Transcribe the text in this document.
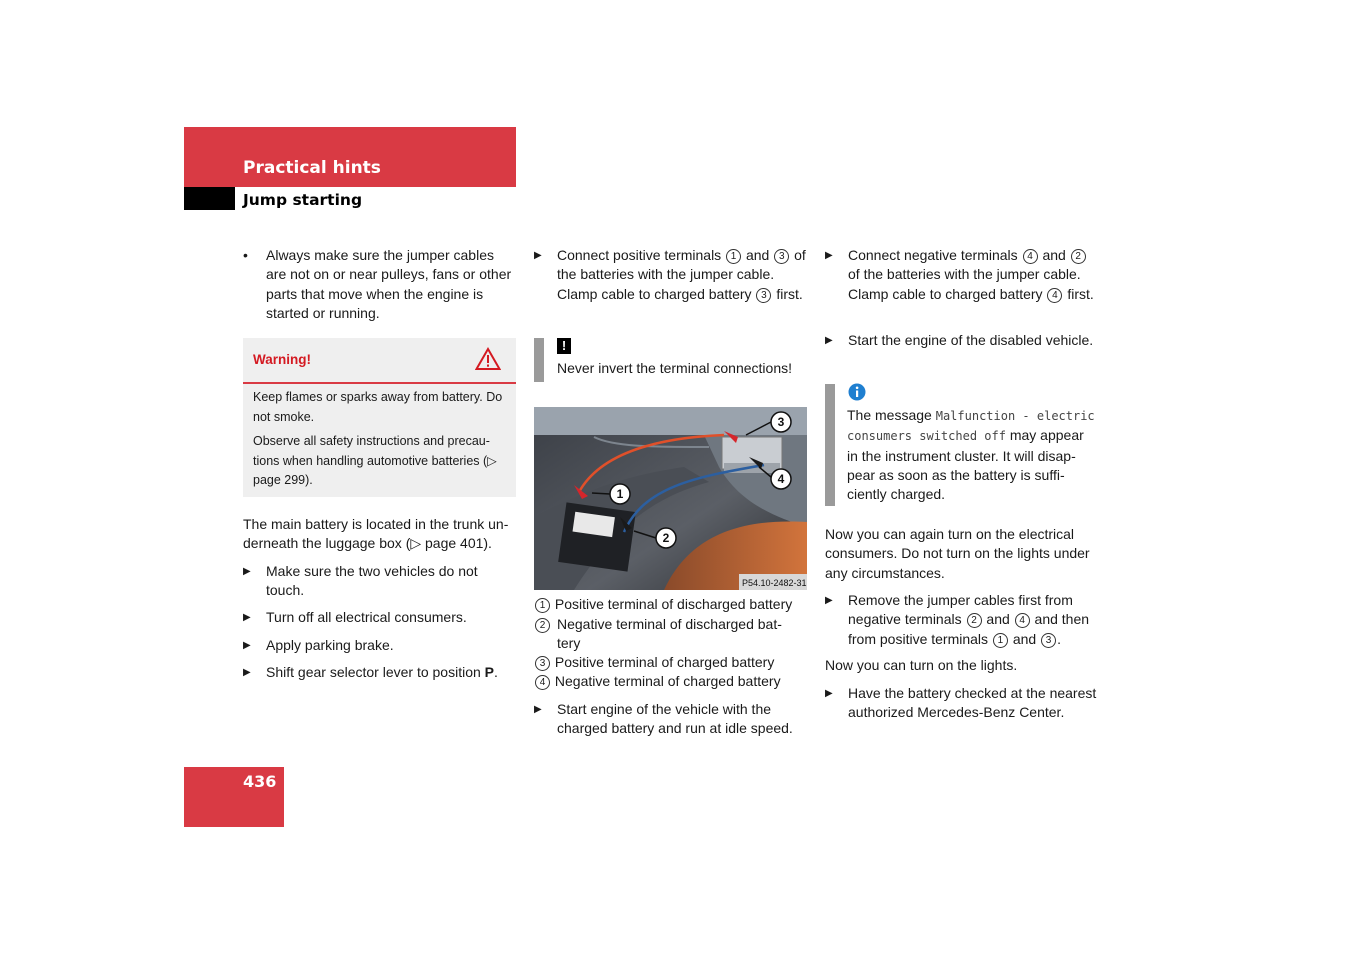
Practical hints
Jump starting
•	Always make sure the jumper cables are not on or near pulleys, fans or other parts that move when the engine is started or running.
Warning!
Keep flames or sparks away from battery. Do not smoke.
Observe all safety instructions and precautions when handling automotive batteries (▷ page 299).
The main battery is located in the trunk underneath the luggage box (▷ page 401).
▶	Make sure the two vehicles do not touch.
▶	Turn off all electrical consumers.
▶	Apply parking brake.
▶	Shift gear selector lever to position P.
▶	Connect positive terminals 1 and 3 of the batteries with the jumper cable. Clamp cable to charged battery 3 first.
!
Never invert the terminal connections!
1
2
3
4
P54.10-2482-31
1 Positive terminal of discharged battery
2 Negative terminal of discharged battery
3 Positive terminal of charged battery
4 Negative terminal of charged battery
▶	Start engine of the vehicle with the charged battery and run at idle speed.
▶	Connect negative terminals 4 and 2 of the batteries with the jumper cable. Clamp cable to charged battery 4 first.
▶	Start the engine of the disabled vehicle.
The message Malfunction - electric consumers switched off may appear in the instrument cluster. It will disappear as soon as the battery is sufficiently charged.
Now you can again turn on the electrical consumers. Do not turn on the lights under any circumstances.
▶	Remove the jumper cables first from negative terminals 2 and 4 and then from positive terminals 1 and 3 .
Now you can turn on the lights.
▶	Have the battery checked at the nearest authorized Mercedes-Benz Center.
436
